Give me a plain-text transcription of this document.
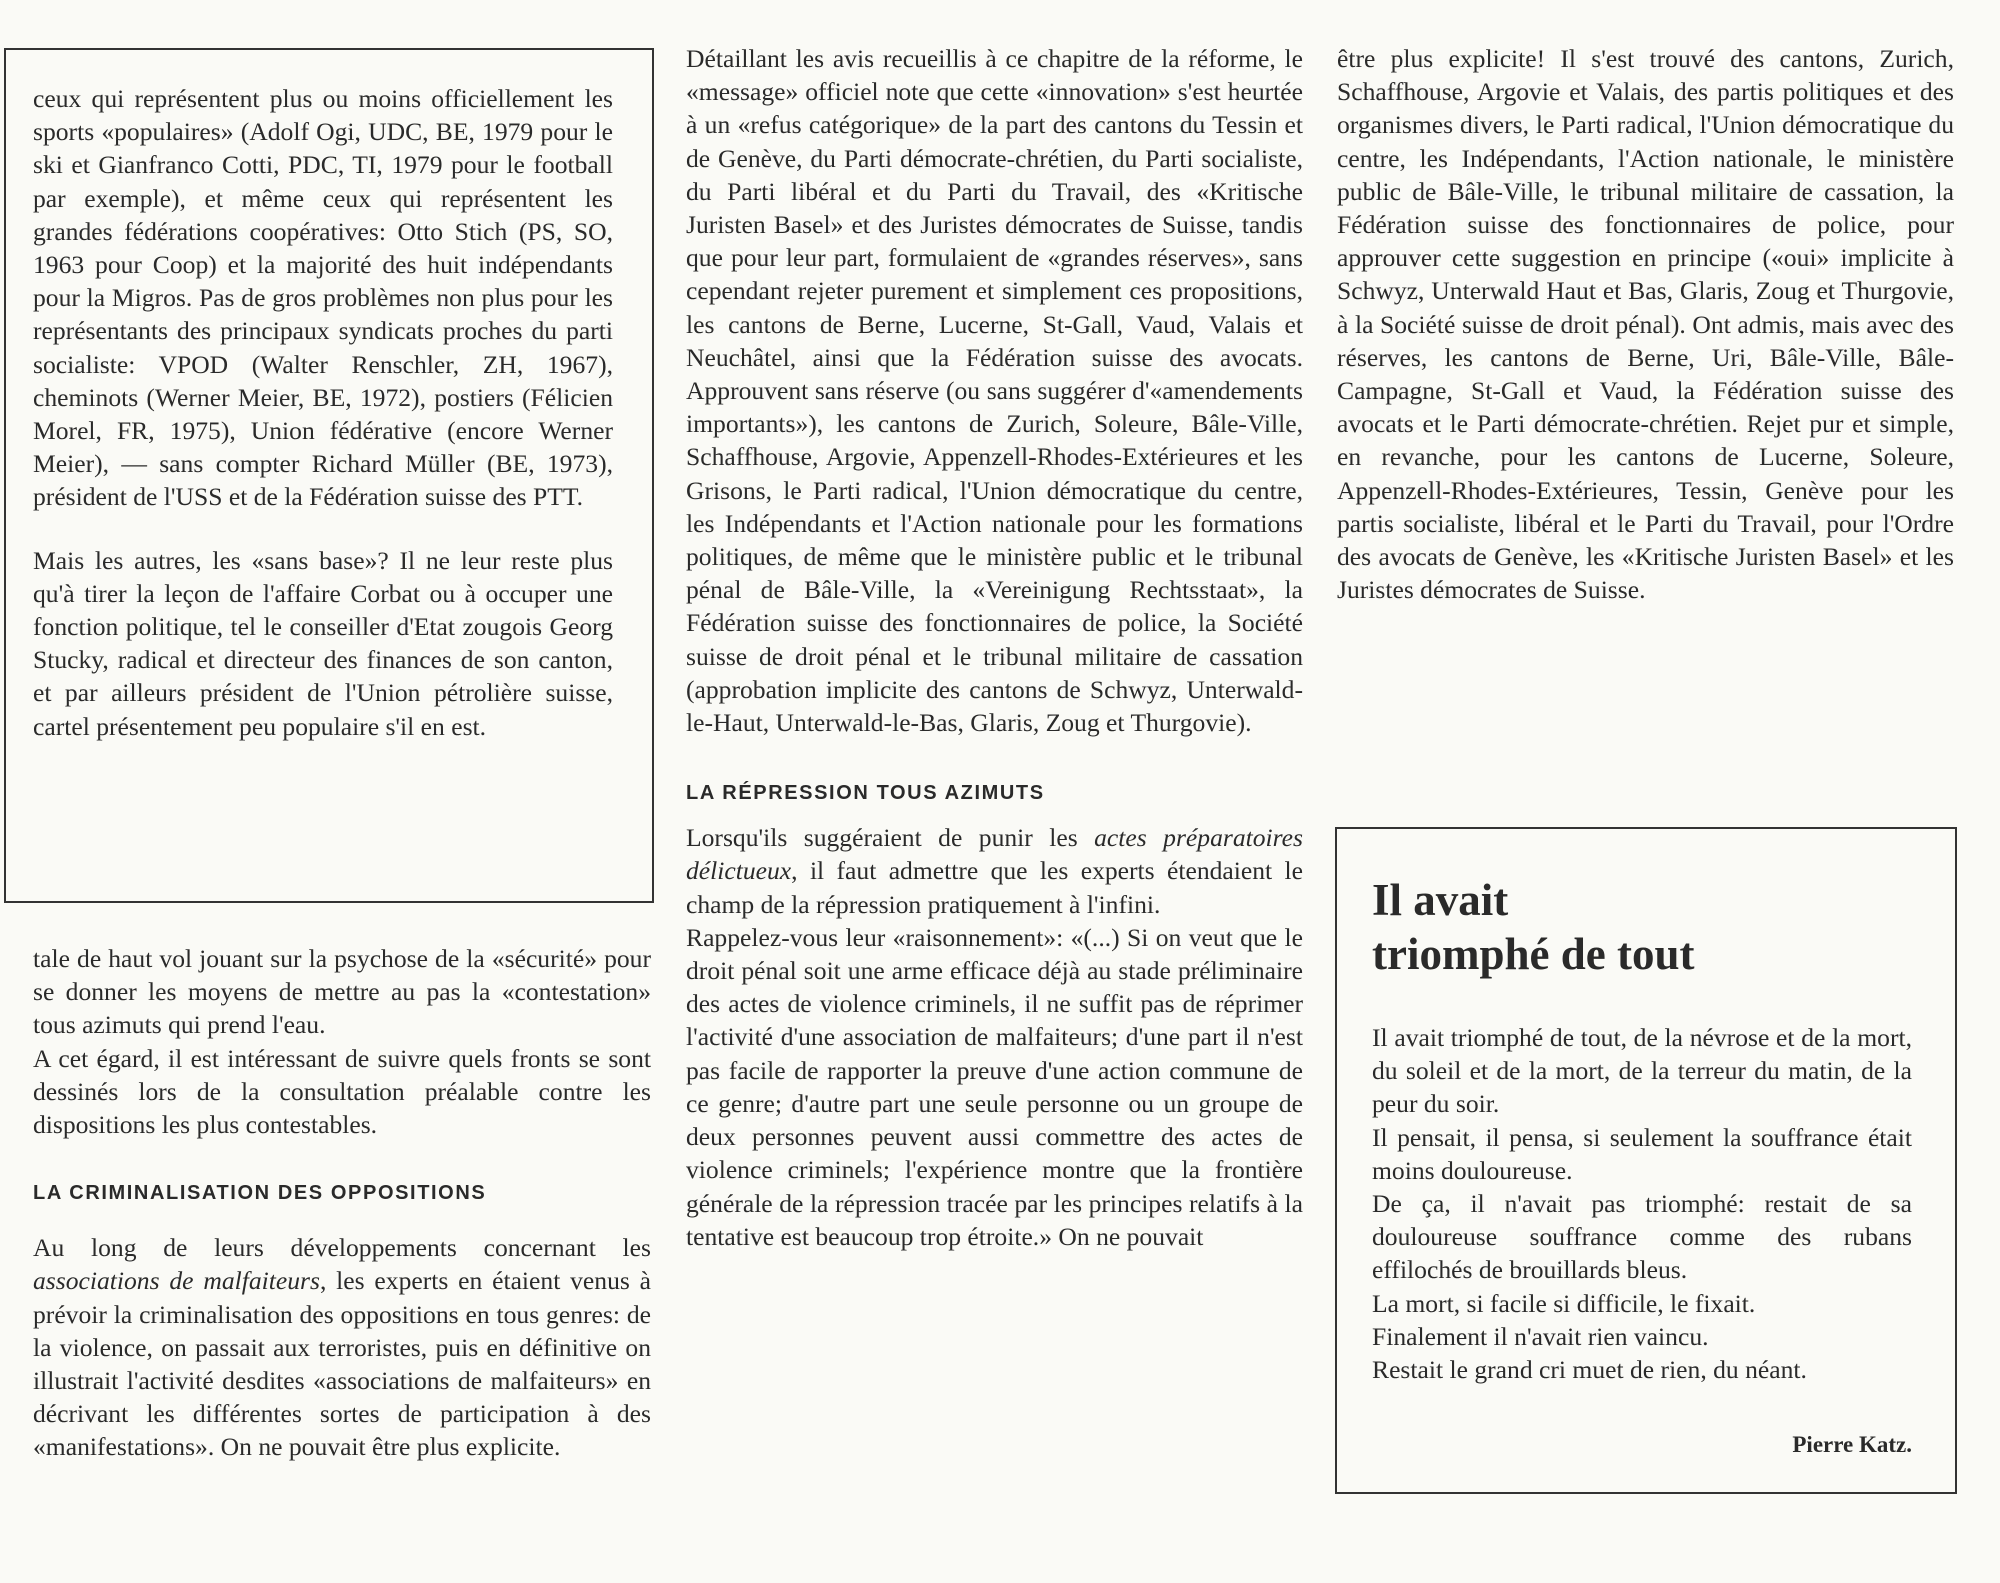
ceux qui représentent plus ou moins officiellement les sports «populaires» (Adolf Ogi, UDC, BE, 1979 pour le ski et Gianfranco Cotti, PDC, TI, 1979 pour le football par exemple), et même ceux qui représentent les grandes fédérations coopératives: Otto Stich (PS, SO, 1963 pour Coop) et la majorité des huit indépendants pour la Migros. Pas de gros problèmes non plus pour les représentants des principaux syndicats proches du parti socialiste: VPOD (Walter Renschler, ZH, 1967), cheminots (Werner Meier, BE, 1972), postiers (Félicien Morel, FR, 1975), Union fédérative (encore Werner Meier), — sans compter Richard Müller (BE, 1973), président de l'USS et de la Fédération suisse des PTT.

Mais les autres, les «sans base»? Il ne leur reste plus qu'à tirer la leçon de l'affaire Corbat ou à occuper une fonction politique, tel le conseiller d'Etat zougois Georg Stucky, radical et directeur des finances de son canton, et par ailleurs président de l'Union pétrolière suisse, cartel présentement peu populaire s'il en est.

tale de haut vol jouant sur la psychose de la «sécurité» pour se donner les moyens de mettre au pas la «contestation» tous azimuts qui prend l'eau.

A cet égard, il est intéressant de suivre quels fronts se sont dessinés lors de la consultation préalable contre les dispositions les plus contestables.

LA CRIMINALISATION DES OPPOSITIONS

Au long de leurs développements concernant les associations de malfaiteurs, les experts en étaient venus à prévoir la criminalisation des oppositions en tous genres: de la violence, on passait aux terroristes, puis en définitive on illustrait l'activité desdites «associations de malfaiteurs» en décrivant les différentes sortes de participation à des «manifestations». On ne pouvait être plus explicite.

Détaillant les avis recueillis à ce chapitre de la réforme, le «message» officiel note que cette «innovation» s'est heurtée à un «refus catégorique» de la part des cantons du Tessin et de Genève, du Parti démocrate-chrétien, du Parti socialiste, du Parti libéral et du Parti du Travail, des «Kritische Juristen Basel» et des Juristes démocrates de Suisse, tandis que pour leur part, formulaient de «grandes réserves», sans cependant rejeter purement et simplement ces propositions, les cantons de Berne, Lucerne, St-Gall, Vaud, Valais et Neuchâtel, ainsi que la Fédération suisse des avocats. Approuvent sans réserve (ou sans suggérer d'«amendements importants»), les cantons de Zurich, Soleure, Bâle-Ville, Schaffhouse, Argovie, Appenzell-Rhodes-Extérieures et les Grisons, le Parti radical, l'Union démocratique du centre, les Indépendants et l'Action nationale pour les formations politiques, de même que le ministère public et le tribunal pénal de Bâle-Ville, la «Vereinigung Rechtsstaat», la Fédération suisse des fonctionnaires de police, la Société suisse de droit pénal et le tribunal militaire de cassation (approbation implicite des cantons de Schwyz, Unterwald-le-Haut, Unterwald-le-Bas, Glaris, Zoug et Thurgovie).

LA RÉPRESSION TOUS AZIMUTS

Lorsqu'ils suggéraient de punir les actes préparatoires délictueux, il faut admettre que les experts étendaient le champ de la répression pratiquement à l'infini.

Rappelez-vous leur «raisonnement»: «(...) Si on veut que le droit pénal soit une arme efficace déjà au stade préliminaire des actes de violence criminels, il ne suffit pas de réprimer l'activité d'une association de malfaiteurs; d'une part il n'est pas facile de rapporter la preuve d'une action commune de ce genre; d'autre part une seule personne ou un groupe de deux personnes peuvent aussi commettre des actes de violence criminels; l'expérience montre que la frontière générale de la répression tracée par les principes relatifs à la tentative est beaucoup trop étroite.» On ne pouvait

être plus explicite! Il s'est trouvé des cantons, Zurich, Schaffhouse, Argovie et Valais, des partis politiques et des organismes divers, le Parti radical, l'Union démocratique du centre, les Indépendants, l'Action nationale, le ministère public de Bâle-Ville, le tribunal militaire de cassation, la Fédération suisse des fonctionnaires de police, pour approuver cette suggestion en principe («oui» implicite à Schwyz, Unterwald Haut et Bas, Glaris, Zoug et Thurgovie, à la Société suisse de droit pénal). Ont admis, mais avec des réserves, les cantons de Berne, Uri, Bâle-Ville, Bâle-Campagne, St-Gall et Vaud, la Fédération suisse des avocats et le Parti démocrate-chrétien. Rejet pur et simple, en revanche, pour les cantons de Lucerne, Soleure, Appenzell-Rhodes-Extérieures, Tessin, Genève pour les partis socialiste, libéral et le Parti du Travail, pour l'Ordre des avocats de Genève, les «Kritische Juristen Basel» et les Juristes démocrates de Suisse.

Il avait
triomphé de tout

Il avait triomphé de tout, de la névrose et de la mort, du soleil et de la mort, de la terreur du matin, de la peur du soir.

Il pensait, il pensa, si seulement la souffrance était moins douloureuse.

De ça, il n'avait pas triomphé: restait de sa douloureuse souffrance comme des rubans effilochés de brouillards bleus.

La mort, si facile si difficile, le fixait.

Finalement il n'avait rien vaincu.

Restait le grand cri muet de rien, du néant.

Pierre Katz.
